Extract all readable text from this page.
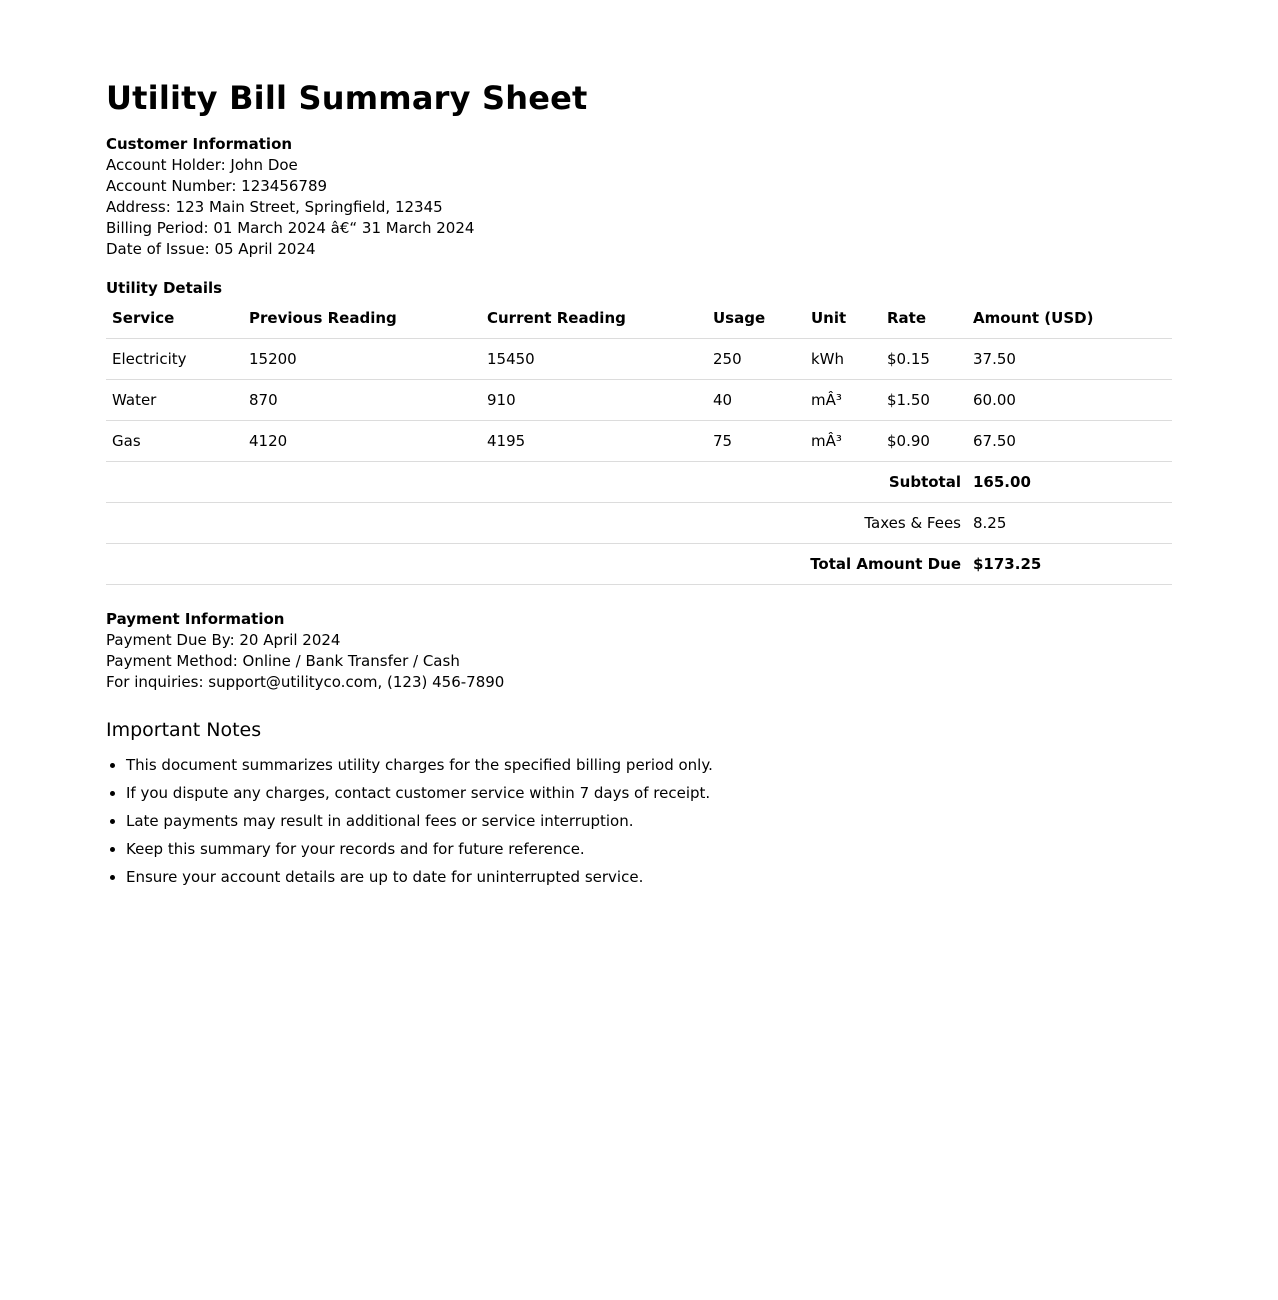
Utility Bill Summary Sheet
Customer Information
Account Holder: John Doe
Account Number: 123456789
Address: 123 Main Street, Springfield, 12345
Billing Period: 01 March 2024 â€“ 31 March 2024
Date of Issue: 05 April 2024
Utility Details
Service	Previous Reading	Current Reading	Usage	Unit	Rate	Amount (USD)
Electricity	15200	15450	250	kWh	$0.15	37.50
Water	870	910	40	mÂ³	$1.50	60.00
Gas	4120	4195	75	mÂ³	$0.90	67.50
Subtotal						165.00
Taxes & Fees						8.25
Total Amount Due						$173.25
Payment Information
Payment Due By: 20 April 2024
Payment Method: Online / Bank Transfer / Cash
For inquiries: support@utilityco.com, (123) 456-7890
Important Notes
• This document summarizes utility charges for the specified billing period only.
• If you dispute any charges, contact customer service within 7 days of receipt.
• Late payments may result in additional fees or service interruption.
• Keep this summary for your records and for future reference.
• Ensure your account details are up to date for uninterrupted service.
